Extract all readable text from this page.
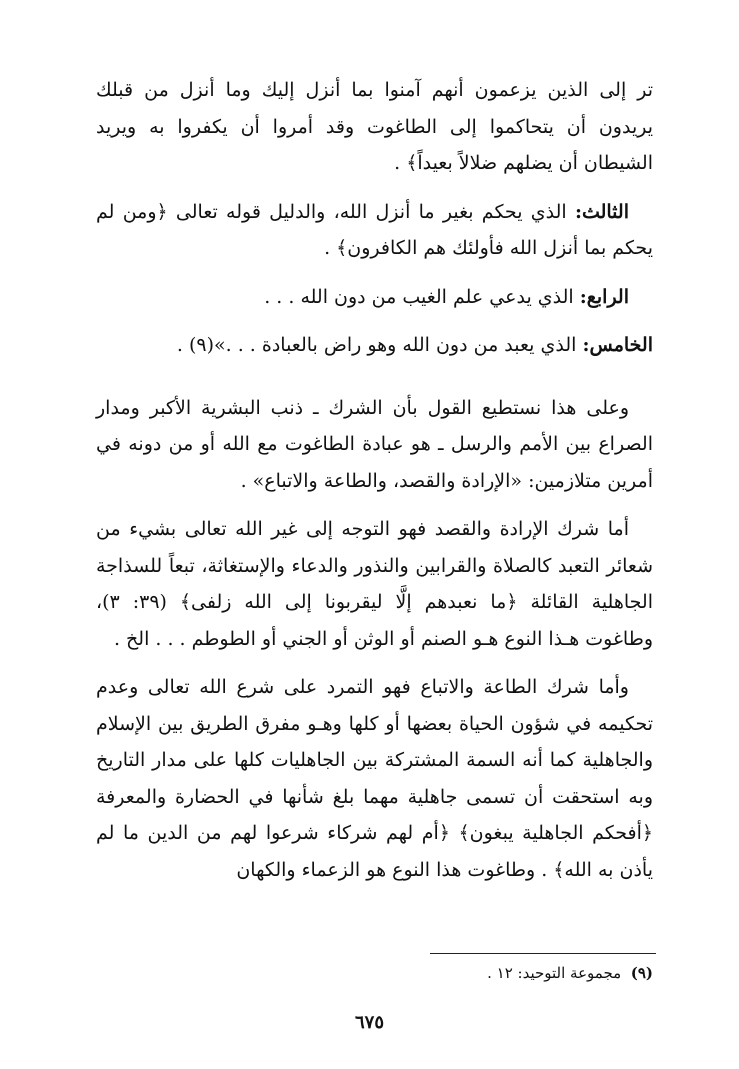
تر إلى الذين يزعمون أنهم آمنوا بما أنزل إليك وما أنزل من قبلك يريدون أن يتحاكموا إلى الطاغوت وقد أمروا أن يكفروا به ويريد الشيطان أن يضلهم ضلالاً بعيداً﴾ .

الثالث: الذي يحكم بغير ما أنزل الله، والدليل قوله تعالى ﴿ومن لم يحكم بما أنزل الله فأولئك هم الكافرون﴾ .

الرابع: الذي يدعي علم الغيب من دون الله . . .

الخامس: الذي يعبد من دون الله وهو راض بالعبادة . . .»(٩) .

وعلى هذا نستطيع القول بأن الشرك ـ ذنب البشرية الأكبر ومدار الصراع بين الأمم والرسل ـ هو عبادة الطاغوت مع الله أو من دونه في أمرين متلازمين: «الإرادة والقصد، والطاعة والاتباع» .

أما شرك الإرادة والقصد فهو التوجه إلى غير الله تعالى بشيء من شعائر التعبد كالصلاة والقرابين والنذور والدعاء والإستغاثة، تبعاً للسذاجة الجاهلية القائلة ﴿ما نعبدهم إلَّا ليقربونا إلى الله زلفى﴾ (٣٩: ٣)، وطاغوت هـذا النوع هـو الصنم أو الوثن أو الجني أو الطوطم . . . الخ .

وأما شرك الطاعة والاتباع فهو التمرد على شرع الله تعالى وعدم تحكيمه في شؤون الحياة بعضها أو كلها وهـو مفرق الطريق بين الإسلام والجاهلية كما أنه السمة المشتركة بين الجاهليات كلها على مدار التاريخ وبه استحقت أن تسمى جاهلية مهما بلغ شأنها في الحضارة والمعرفة ﴿أفحكم الجاهلية يبغون﴾ ﴿أم لهم شركاء شرعوا لهم من الدين ما لم يأذن به الله﴾ . وطاغوت هذا النوع هو الزعماء والكهان

(٩)  مجموعة التوحيد: ١٢ .
٦٧٥
